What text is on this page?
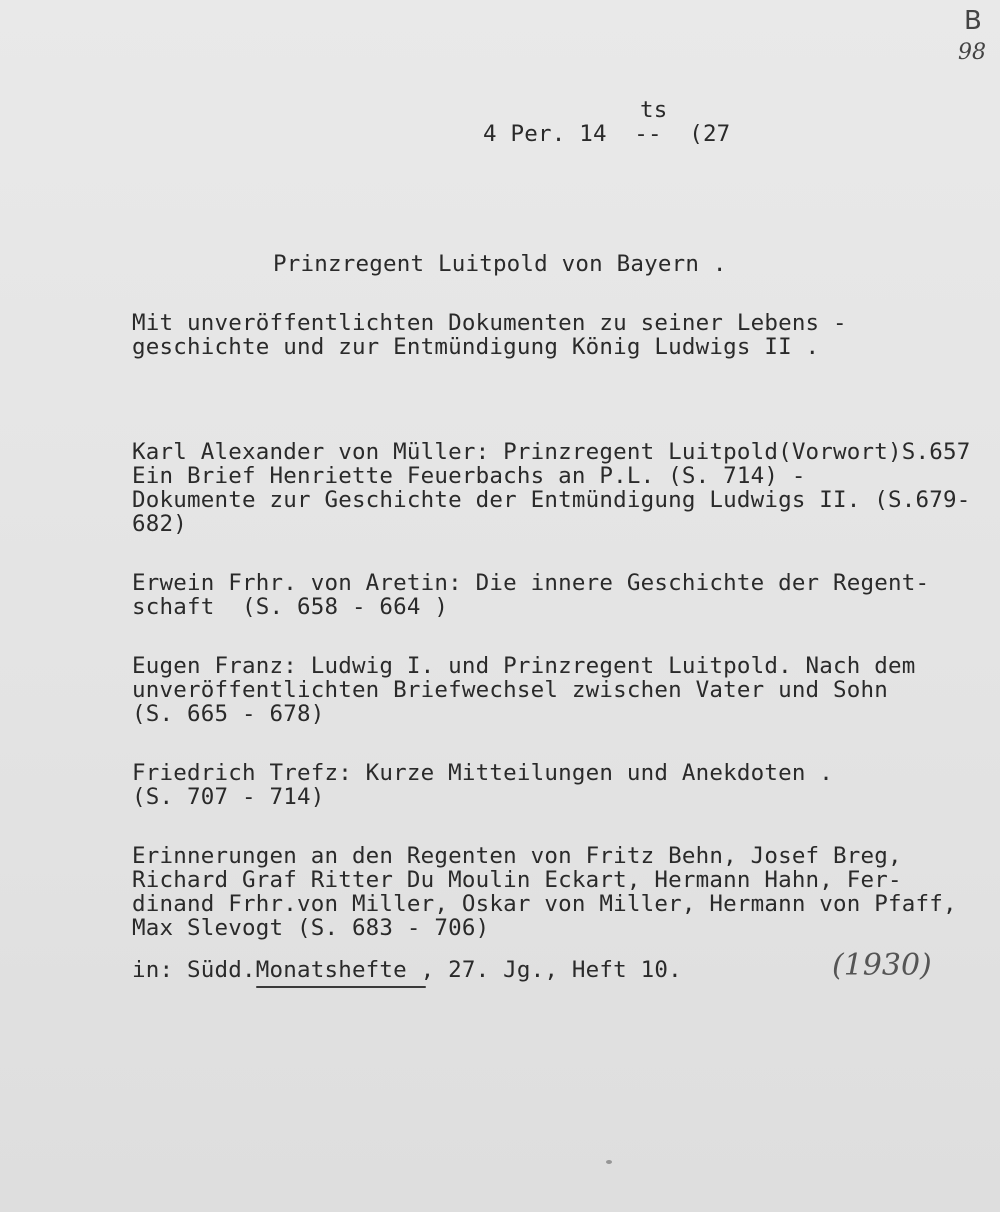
B
98
ts
4 Per. 14  --  (27
Prinzregent Luitpold von Bayern .
Mit unveröffentlichten Dokumenten zu seiner Lebens -
geschichte und zur Entmündigung König Ludwigs II .
Karl Alexander von Müller: Prinzregent Luitpold(Vorwort)S.657
Ein Brief Henriette Feuerbachs an P.L. (S. 714) -
Dokumente zur Geschichte der Entmündigung Ludwigs II. (S.679-
682)
Erwein Frhr. von Aretin: Die innere Geschichte der Regent-
schaft  (S. 658 - 664 )
Eugen Franz: Ludwig I. und Prinzregent Luitpold. Nach dem
unveröffentlichten Briefwechsel zwischen Vater und Sohn
(S. 665 - 678)
Friedrich Trefz: Kurze Mitteilungen und Anekdoten .
(S. 707 - 714)
Erinnerungen an den Regenten von Fritz Behn, Josef Breg,
Richard Graf Ritter Du Moulin Eckart, Hermann Hahn, Fer-
dinand Frhr.von Miller, Oskar von Miller, Hermann von Pfaff,
Max Slevogt (S. 683 - 706)
in: Südd.Monatshefte , 27. Jg., Heft 10.	(1930)
